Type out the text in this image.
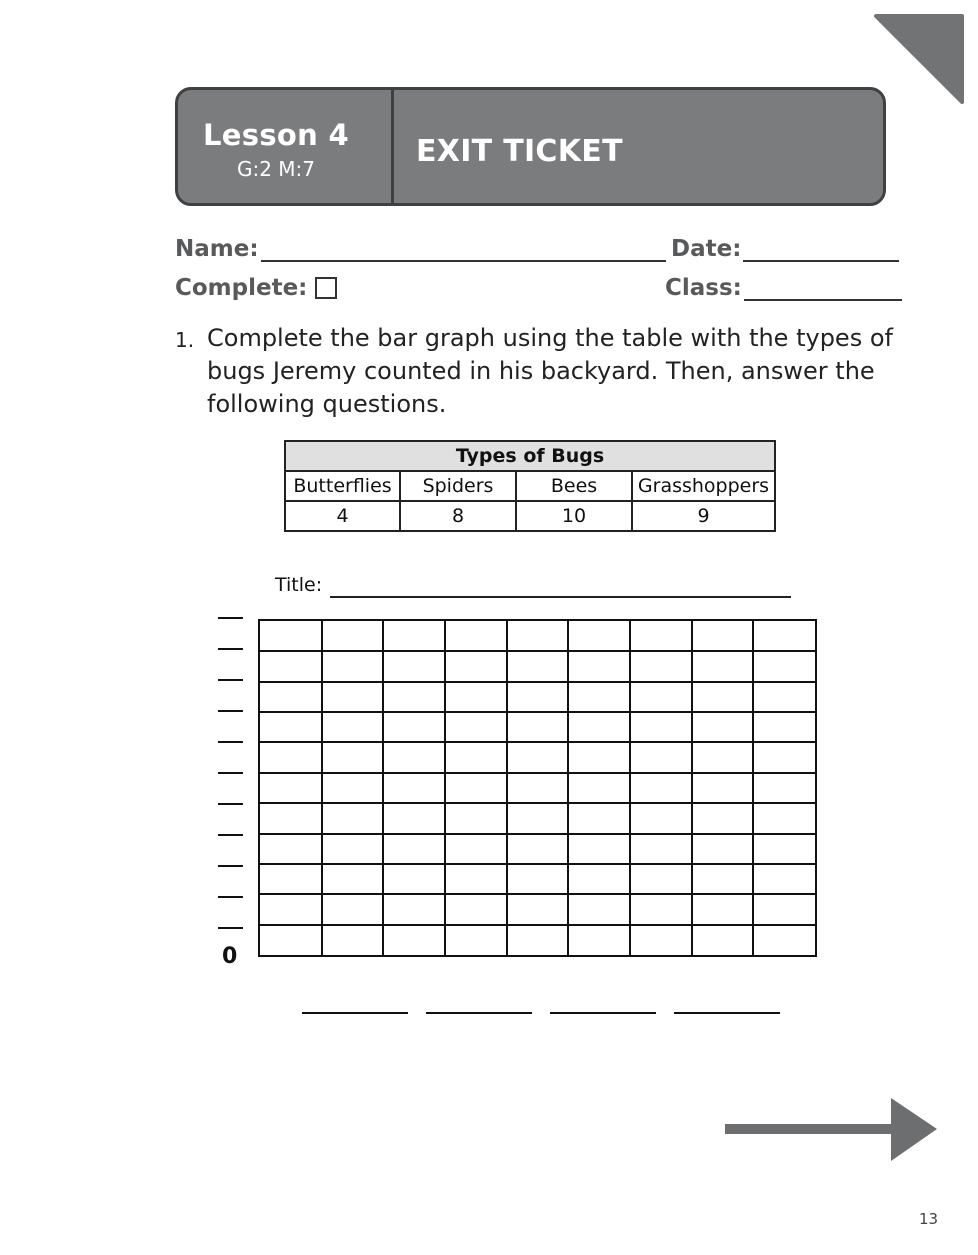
Lesson 4
G:2 M:7	EXIT TICKET
Name:	Date:
Complete:	Class:
1. Complete the bar graph using the table with the types of bugs Jeremy counted in his backyard. Then, answer the following questions.
Types of Bugs			
Butterflies	Spiders	Bees	Grasshoppers
4	8	10	9
Title:
0
13
